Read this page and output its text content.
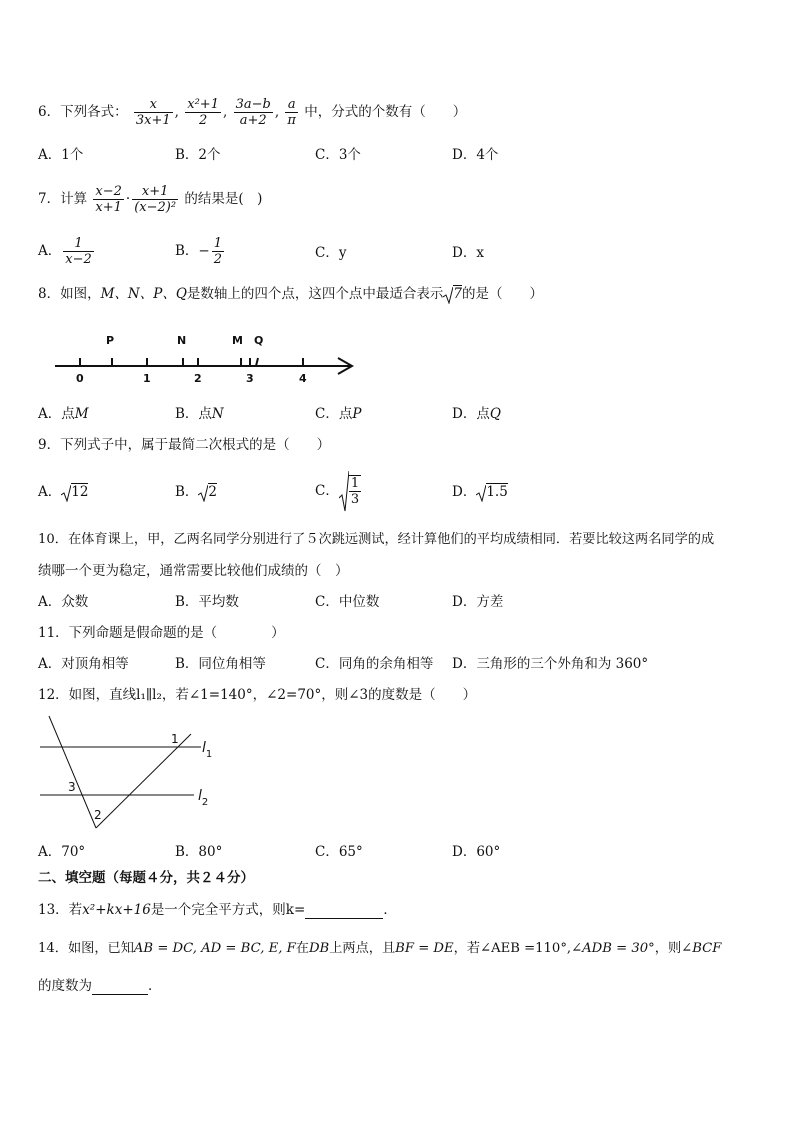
6．下列各式： $\frac{x}{3x+1}$ , $\frac{\text{x²+1}}{2}$ , $\frac{3a-b}{a+2}$ , $\frac{a}{\pi}$ 中，分式的个数有（　　）
A．1个	B．2个	C．3个	D．4个
7．计算 $\frac{x-2}{x+1} \cdot \frac{x+1}{\text{(x−2)²}}$ 的结果是(　)
A． $\frac{1}{x-2}$	B．− $\frac{1}{2}$	C．y	D．x
8．如图，M、N、P、Q是数轴上的四个点，这四个点中最适合表示 7的是（　　）
0	1	2	3	4
P	N	M Q
A．点M	B．点N	C．点P	D．点Q
9．下列式子中，属于最简二次根式的是（　　）
A． 12	B． 2	C． $\frac{1}{3}$	D． 1.5
10．在体育课上，甲，乙两名同学分别进行了５次跳远测试，经计算他们的平均成绩相同．若要比较这两名同学的成
绩哪一个更为稳定，通常需要比较他们成绩的（　）
A．众数	B．平均数	C．中位数	D．方差
11．下列命题是假命题的是（　　　　）
A．对顶角相等	B．同位角相等	C．同角的余角相等 D．三角形的三个外角和为 360°
12．如图，直线l₁∥l₂，若∠1=140°，∠2=70°，则∠3的度数是（　　）
1
3
2
$l_1$
$l_2$
A．70°	B．80°	C．65°	D．60°
二、填空题（每题４分，共２４分）
13．若x²+kx+16是一个完全平方式，则k=	．
14．如图，已知AB = DC, AD = BC, E, F在DB上两点，且BF = DE，若∠AEB =110°,∠ADB = 30°，则∠BCF
的度数为	．
